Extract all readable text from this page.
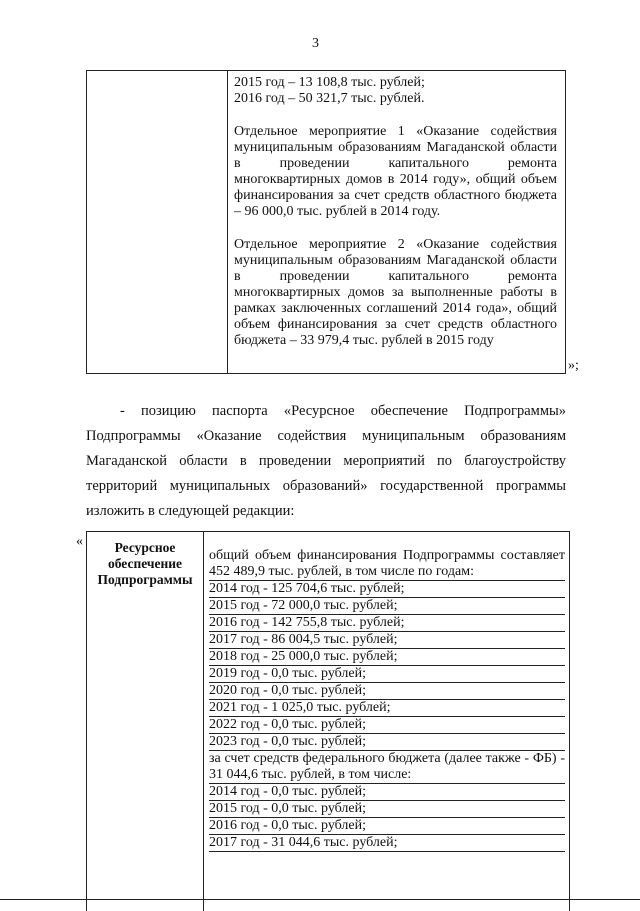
3

2015 год – 13 108,8 тыс. рублей;

2016 год – 50 321,7 тыс. рублей.

Отдельное мероприятие 1 «Оказание содействия муниципальным образованиям Магаданской области в проведении капитального ремонта многоквартирных домов в 2014 году», общий объем финансирования за счет средств областного бюджета – 96 000,0 тыс. рублей в 2014 году.

Отдельное мероприятие 2 «Оказание содействия муниципальным образованиям Магаданской области в проведении капитального ремонта многоквартирных домов за выполненные работы в рамках заключенных соглашений 2014 года», общий объем финансирования за счет средств областного бюджета – 33 979,4 тыс. рублей в 2015 году

»;

- позицию паспорта «Ресурсное обеспечение Подпрограммы» Подпрограммы «Оказание содействия муниципальным образованиям Магаданской области в проведении мероприятий по благоустройству территорий муниципальных образований» государственной программы изложить в следующей редакции:

«	Ресурсное обеспечение Подпрограммы

общий объем финансирования Подпрограммы составляет 452 489,9 тыс. рублей, в том числе по годам:

2014 год - 125 704,6 тыс. рублей;

2015 год - 72 000,0 тыс. рублей;

2016 год - 142 755,8 тыс. рублей;

2017 год - 86 004,5 тыс. рублей;

2018 год - 25 000,0 тыс. рублей;

2019 год - 0,0 тыс. рублей;

2020 год - 0,0 тыс. рублей;

2021 год - 1 025,0 тыс. рублей;

2022 год - 0,0 тыс. рублей;

2023 год - 0,0 тыс. рублей;

за счет средств федерального бюджета (далее также - ФБ) - 31 044,6 тыс. рублей, в том числе:

2014 год - 0,0 тыс. рублей;

2015 год - 0,0 тыс. рублей;

2016 год - 0,0 тыс. рублей;

2017 год - 31 044,6 тыс. рублей;
